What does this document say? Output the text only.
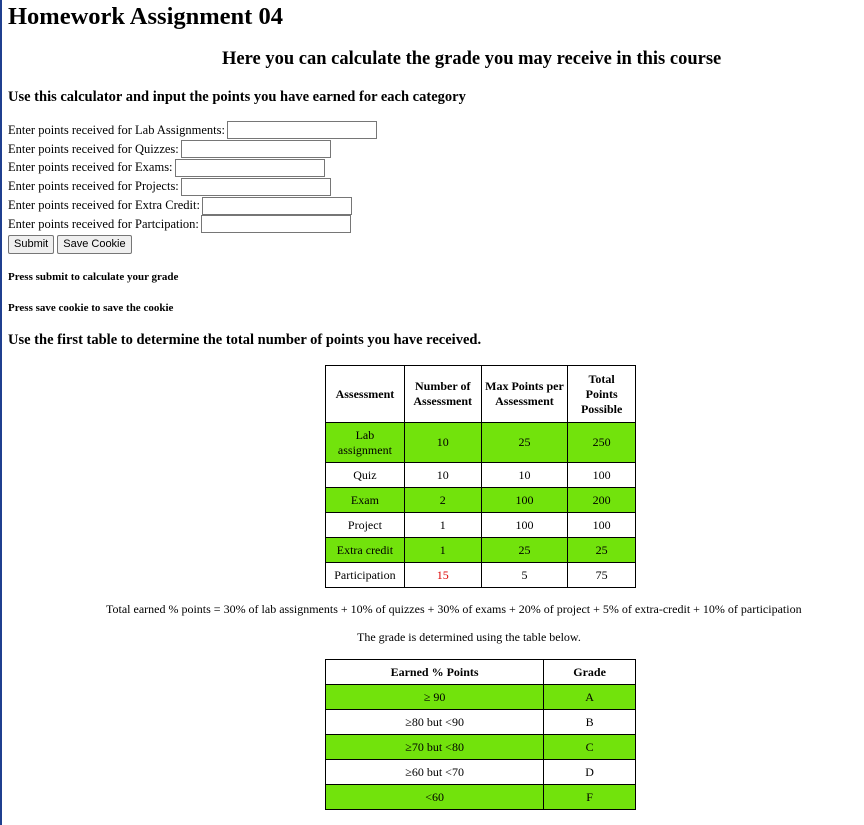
Homework Assignment 04
Here you can calculate the grade you may receive in this course
Use this calculator and input the points you have earned for each category
Enter points received for Lab Assignments:
Enter points received for Quizzes:
Enter points received for Exams:
Enter points received for Projects:
Enter points received for Extra Credit:
Enter points received for Partcipation:
Submit	Save Cookie

Press submit to calculate your grade

Press save cookie to save the cookie

Use the first table to determine the total number of points you have received.
Assessment	Number of Assessment	Max Points per Assessment	Total Points Possible
Lab assignment	10	25	250
Quiz	10	10	100
Exam	2	100	200
Project	1	100	100
Extra credit	1	25	25
Participation	15	5	75

Total earned % points = 30% of lab assignments + 10% of quizzes + 30% of exams + 20% of project + 5% of extra-credit + 10% of participation

The grade is determined using the table below.

Earned % Points	Grade
≥ 90	A
≥80 but <90	B
≥70 but <80	C
≥60 but <70	D
<60	F
